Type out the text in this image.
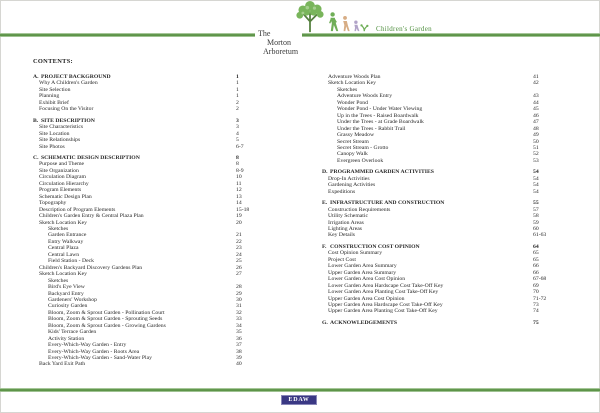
Children's Garden
The
Morton
Arboretum
CONTENTS:
A. PROJECT BACKGROUND	1
Why A Children's Garden	1
Site Selection	1
Planning	1
Exhibit Brief	2
Focusing On the Visitor	2
B. SITE DESCRIPTION	3
Site Characteristics	3
Site Location	4
Site Relationships	5
Site Photos	6-7
C. SCHEMATIC DESIGN DESCRIPTION	8
Purpose and Theme	8
Site Organization	8-9
Circulation Diagram	10
Circulation Hierarchy	11
Program Elements	12
Schematic Design Plan	13
Topography	14
Description of Program Elements	15-18
Children's Garden Entry & Central Plaza Plan	19
Sketch Location Key	20
Sketches
Garden Entrance	21
Entry Walkway	22
Central Plaza	23
Central Lawn	24
Field Station - Deck	25
Children's Backyard Discovery Gardens Plan	26
Sketch Location Key	27
Sketches
Bird's Eye View	28
Backyard Entry	29
Gardeners' Workshop	30
Curiosity Garden	31
Bloom, Zoom & Sprout Garden - Pollination Court	32
Bloom, Zoom & Sprout Garden - Sprouting Seeds	33
Bloom, Zoom & Sprout Garden - Growing Gardens	34
Kids' Terrace Garden	35
Activity Station	36
Every-Which-Way Garden - Entry	37
Every-Which-Way Garden - Roots Area	38
Every-Which-Way Garden - Sand-Water Play	39
Back Yard Exit Path	40
Adventure Woods Plan	41
Sketch Location Key	42
Sketches
Adventure Woods Entry	43
Wonder Pond	44
Wonder Pond - Under Water Viewing	45
Up in the Trees - Raised Boardwalk	46
Under the Trees - at Grade Boardwalk	47
Under the Trees - Rabbit Trail	48
Grassy Meadow	49
Secret Stream	50
Secret Stream - Grotto	51
Canopy Walk	52
Evergreen Overlook	53
D. PROGRAMMED GARDEN ACTIVITIES	54
Drop-In Activities	54
Gardening Activities	54
Expeditions	54
E. INFRASTRUCTURE AND CONSTRUCTION	55
Construction Requirements	57
Utility Schematic	58
Irrigation Areas	59
Lighting Areas	60
Key Details	61-63
F. CONSTRUCTION COST OPINION	64
Cost Opinion Summary	65
Project Cost	65
Lower Garden Area Summary	66
Upper Garden Area Summary	66
Lower Garden Area Cost Opinion	67-68
Lower Garden Area Hardscape Cost Take-Off Key	69
Lower Garden Area Planting Cost Take-Off Key	70
Upper Garden Area Cost Opinion	71-72
Upper Garden Area Hardscape Cost Take-Off Key	73
Upper Garden Area Planting Cost Take-Off Key	74
G. ACKNOWLEDGEMENTS	75
EDAW
